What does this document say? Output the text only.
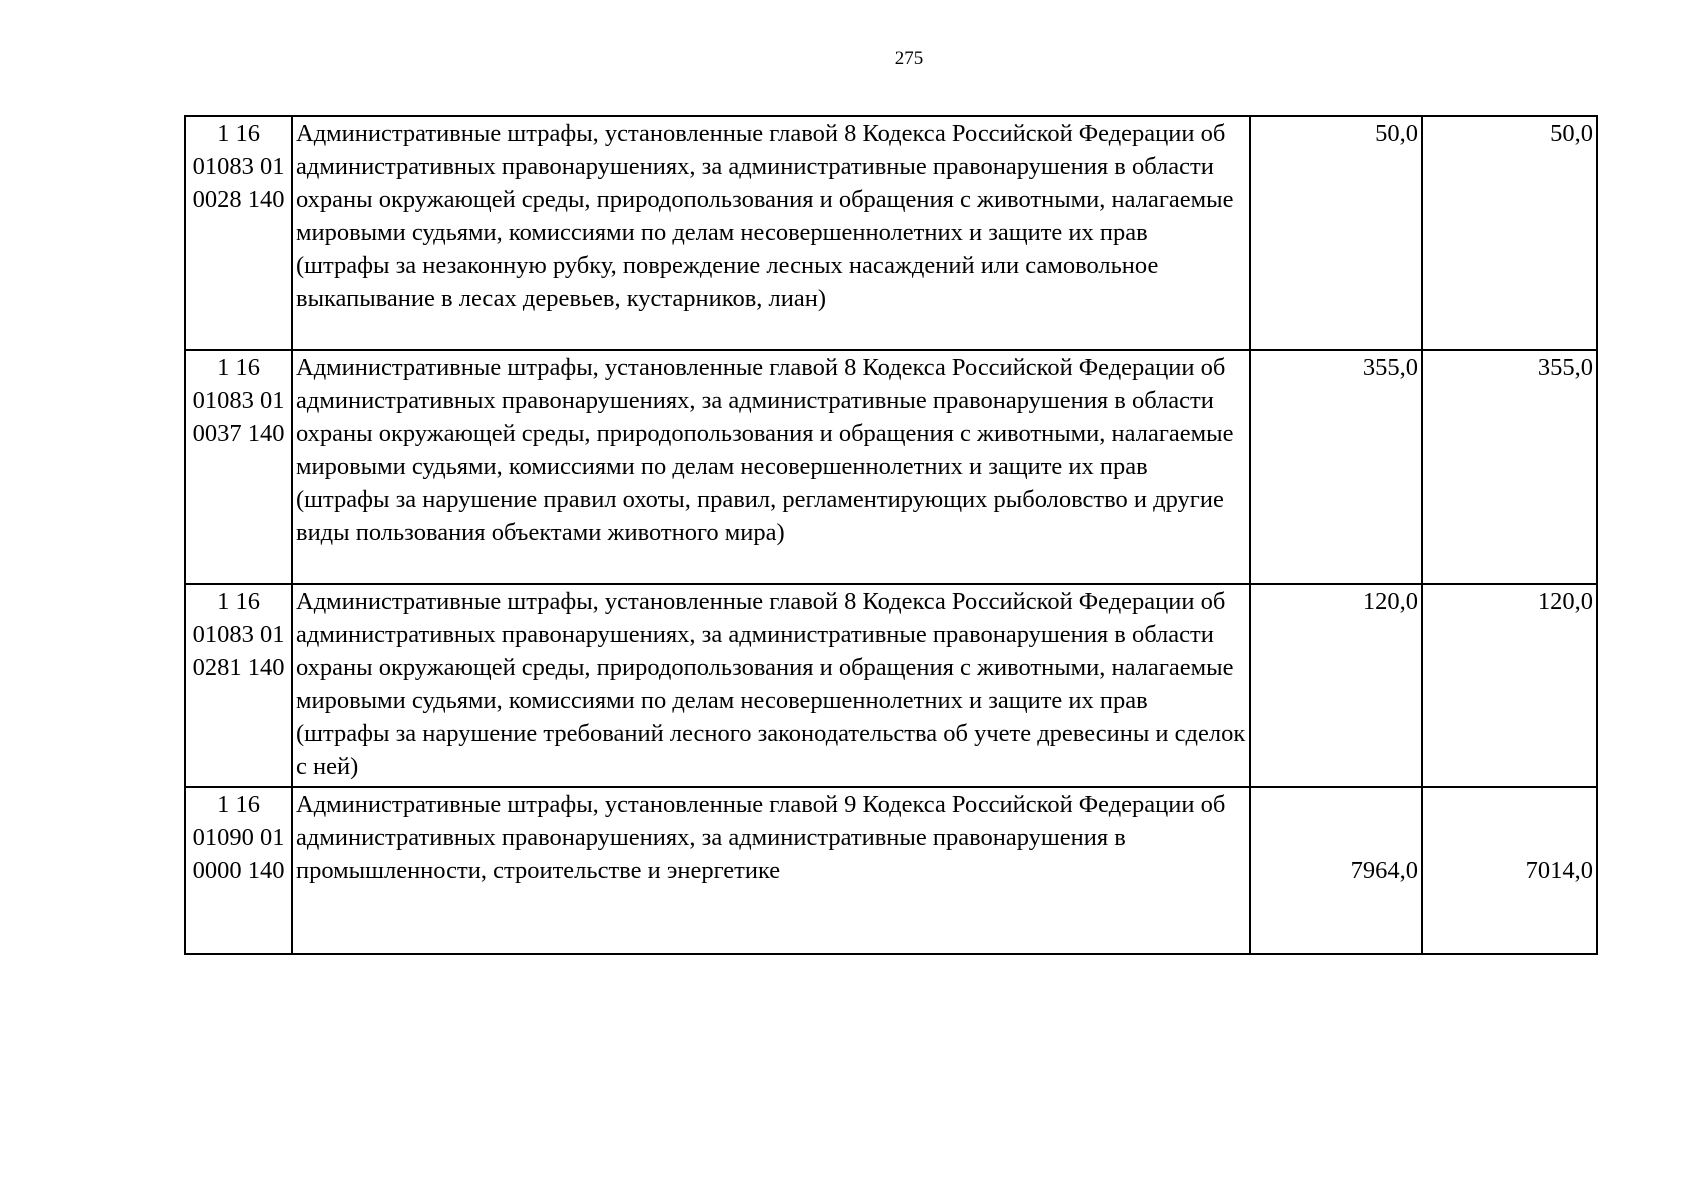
275
1 16 01083 01 0028 140	Административные штрафы, установленные главой 8 Кодекса Российской Федерации об административных правонарушениях, за административные правонарушения в области охраны окружающей среды, природопользования и обращения с животными, налагаемые мировыми судьями, комиссиями по делам несовершеннолетних и защите их прав (штрафы за незаконную рубку, повреждение лесных насаждений или самовольное выкапывание в лесах деревьев, кустарников, лиан)	50,0	50,0
1 16 01083 01 0037 140	Административные штрафы, установленные главой 8 Кодекса Российской Федерации об административных правонарушениях, за административные правонарушения в области охраны окружающей среды, природопользования и обращения с животными, налагаемые мировыми судьями, комиссиями по делам несовершеннолетних и защите их прав (штрафы за нарушение правил охоты, правил, регламентирующих рыболовство и другие виды пользования объектами животного мира)	355,0	355,0
1 16 01083 01 0281 140	Административные штрафы, установленные главой 8 Кодекса Российской Федерации об административных правонарушениях, за административные правонарушения в области охраны окружающей среды, природопользования и обращения с животными, налагаемые мировыми судьями, комиссиями по делам несовершеннолетних и защите их прав (штрафы за нарушение требований лесного законодательства об учете древесины и сделок с ней)	120,0	120,0
1 16 01090 01 0000 140	Административные штрафы, установленные главой 9 Кодекса Российской Федерации об административных правонарушениях, за административные правонарушения в промышленности, строительстве и энергетике	7964,0	7014,0
